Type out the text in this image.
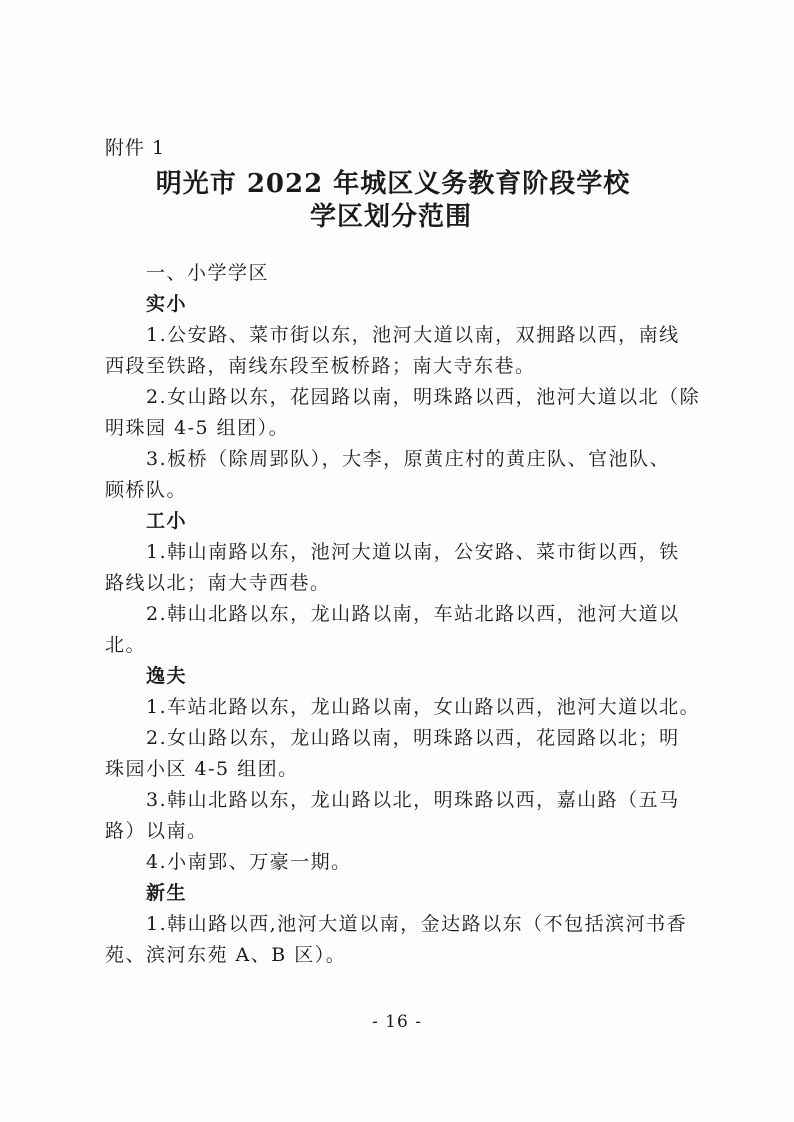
附件 1
明光市 2022 年城区义务教育阶段学校
学区划分范围
一、小学学区
实小
1.公安路、菜市街以东，池河大道以南，双拥路以西，南线
西段至铁路，南线东段至板桥路；南大寺东巷。
2.女山路以东，花园路以南，明珠路以西，池河大道以北（除
明珠园 4-5 组团）。
3.板桥（除周郢队），大李，原黄庄村的黄庄队、官池队、
顾桥队。
工小
1.韩山南路以东，池河大道以南，公安路、菜市街以西，铁
路线以北；南大寺西巷。
2.韩山北路以东，龙山路以南，车站北路以西，池河大道以
北。
逸夫
1.车站北路以东，龙山路以南，女山路以西，池河大道以北。
2.女山路以东，龙山路以南，明珠路以西，花园路以北；明
珠园小区 4-5 组团。
3.韩山北路以东，龙山路以北，明珠路以西，嘉山路（五马
路）以南。
4.小南郢、万豪一期。
新生
1.韩山路以西,池河大道以南，金达路以东（不包括滨河书香
苑、滨河东苑 A、B 区）。
- 16 -
